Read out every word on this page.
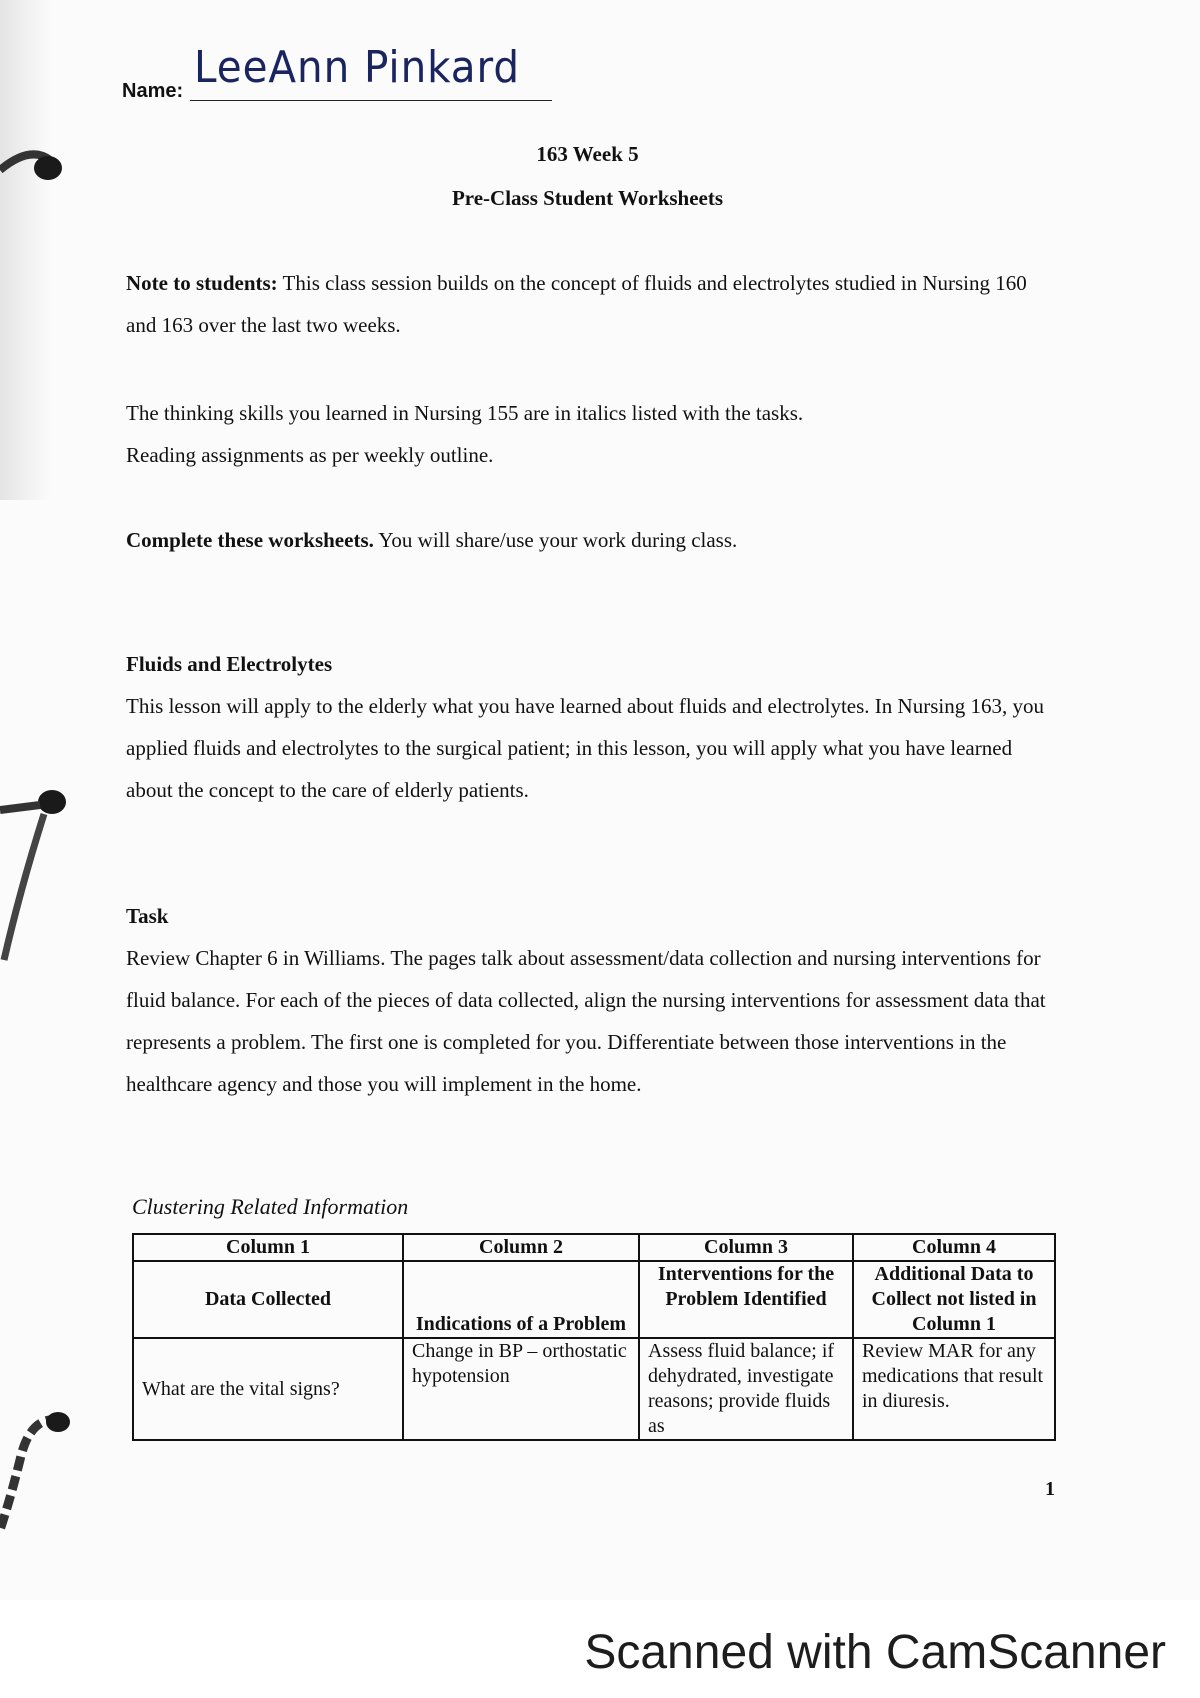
Name: LeeAnn Pinkard
163 Week 5
Pre-Class Student Worksheets
Note to students: This class session builds on the concept of fluids and electrolytes studied in Nursing 160 and 163 over the last two weeks.
The thinking skills you learned in Nursing 155 are in italics listed with the tasks.
Reading assignments as per weekly outline.
Complete these worksheets. You will share/use your work during class.
Fluids and Electrolytes
This lesson will apply to the elderly what you have learned about fluids and electrolytes. In Nursing 163, you applied fluids and electrolytes to the surgical patient; in this lesson, you will apply what you have learned about the concept to the care of elderly patients.
Task
Review Chapter 6 in Williams. The pages talk about assessment/data collection and nursing interventions for fluid balance. For each of the pieces of data collected, align the nursing interventions for assessment data that represents a problem. The first one is completed for you. Differentiate between those interventions in the healthcare agency and those you will implement in the home.
Clustering Related Information
Column 1	Column 2	Column 3	Column 4
Data Collected	Indications of a Problem	Interventions for the Problem Identified	Additional Data to Collect not listed in Column 1
What are the vital signs?	Change in BP – orthostatic hypotension	Assess fluid balance; if dehydrated, investigate reasons; provide fluids as	Review MAR for any medications that result in diuresis.
1
Scanned with CamScanner
